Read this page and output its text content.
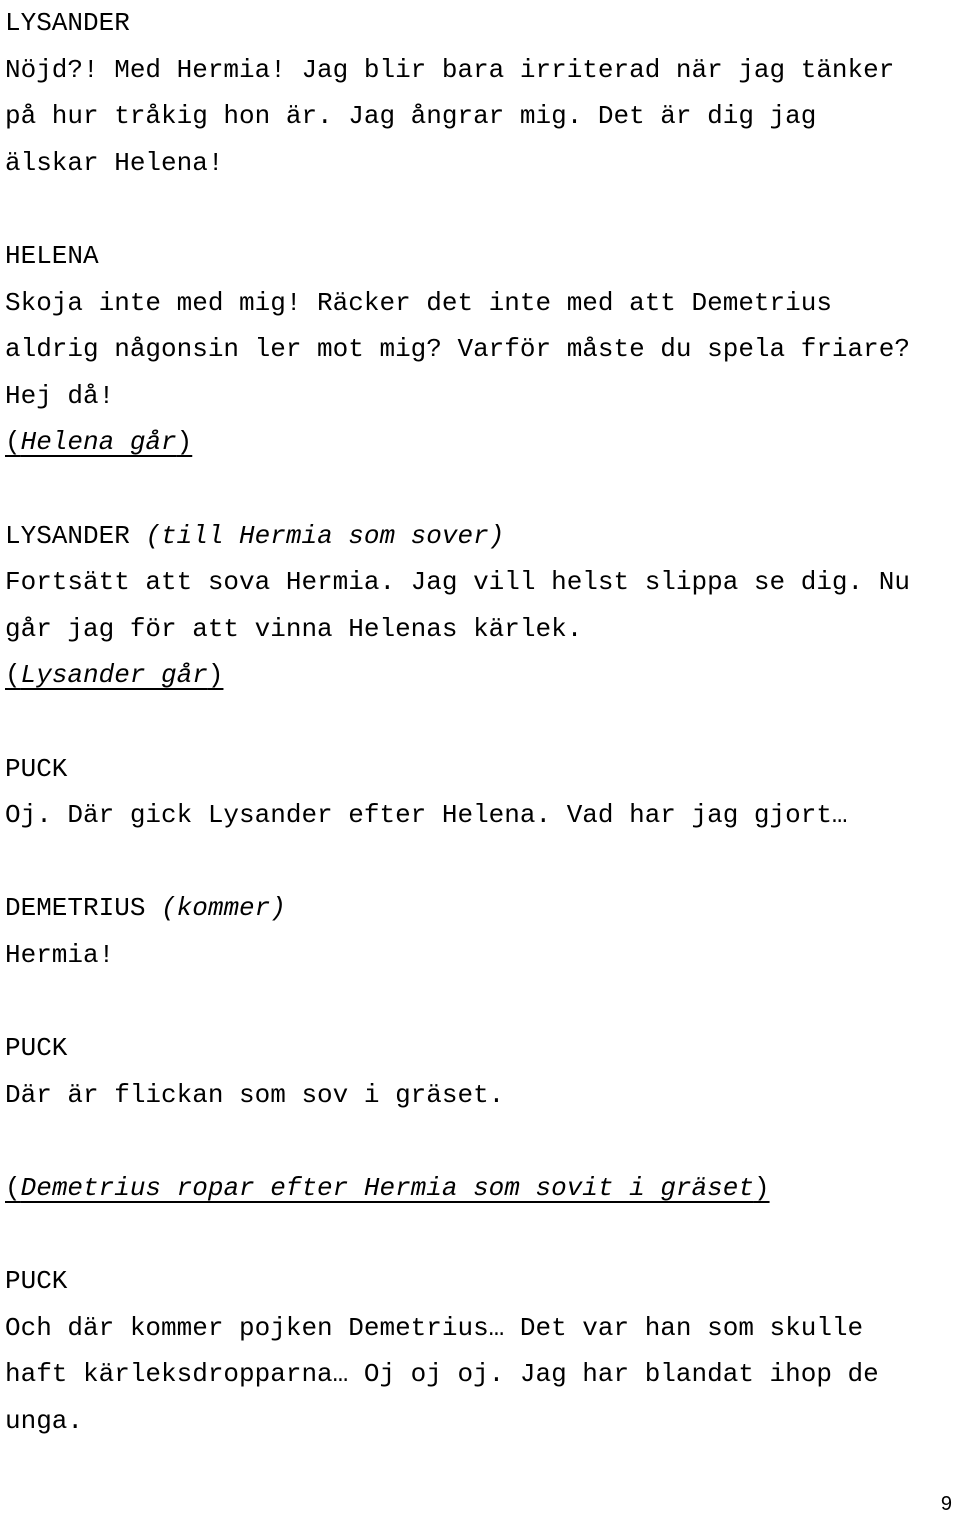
LYSANDER
Nöjd?! Med Hermia! Jag blir bara irriterad när jag tänker
på hur tråkig hon är. Jag ångrar mig. Det är dig jag
älskar Helena!
HELENA
Skoja inte med mig! Räcker det inte med att Demetrius
aldrig någonsin ler mot mig? Varför måste du spela friare?
Hej då!
(Helena går)
LYSANDER (till Hermia som sover)
Fortsätt att sova Hermia. Jag vill helst slippa se dig. Nu
går jag för att vinna Helenas kärlek.
(Lysander går)
PUCK
Oj. Där gick Lysander efter Helena. Vad har jag gjort…
DEMETRIUS (kommer)
Hermia!
PUCK
Där är flickan som sov i gräset.
(Demetrius ropar efter Hermia som sovit i gräset)
PUCK
Och där kommer pojken Demetrius… Det var han som skulle
haft kärleksdropparna… Oj oj oj. Jag har blandat ihop de
unga.
9
